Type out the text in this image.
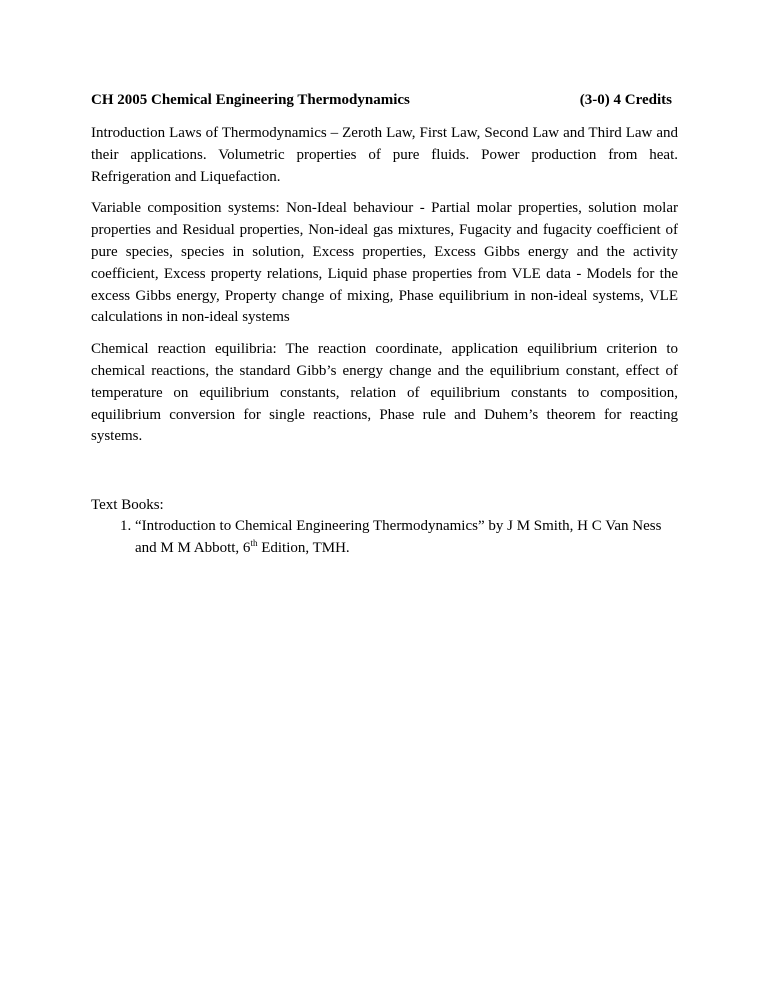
CH 2005 Chemical Engineering Thermodynamics	(3-0) 4 Credits

Introduction Laws of Thermodynamics – Zeroth Law, First Law, Second Law and Third Law and their applications. Volumetric properties of pure fluids. Power production from heat. Refrigeration and Liquefaction.

Variable composition systems: Non-Ideal behaviour - Partial molar properties, solution molar properties and Residual properties, Non-ideal gas mixtures, Fugacity and fugacity coefficient of pure species, species in solution, Excess properties, Excess Gibbs energy and the activity coefficient, Excess property relations, Liquid phase properties from VLE data - Models for the excess Gibbs energy, Property change of mixing, Phase equilibrium in non-ideal systems, VLE calculations in non-ideal systems

Chemical reaction equilibria: The reaction coordinate, application equilibrium criterion to chemical reactions, the standard Gibb’s energy change and the equilibrium constant, effect of temperature on equilibrium constants, relation of equilibrium constants to composition, equilibrium conversion for single reactions, Phase rule and Duhem’s theorem for reacting systems.

Text Books:
1. “Introduction to Chemical Engineering Thermodynamics” by J M Smith, H C Van Ness and M M Abbott, 6th Edition, TMH.
